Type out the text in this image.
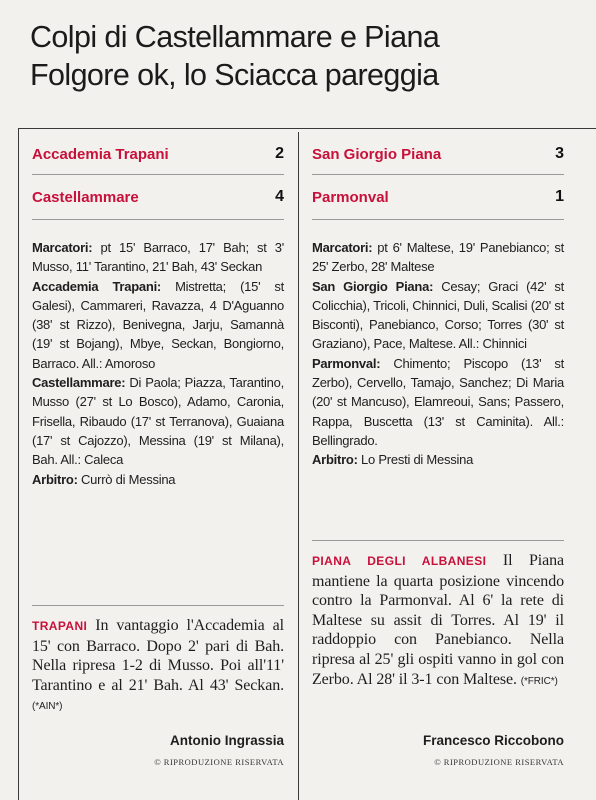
Colpi di Castellammare e Piana
Folgore ok, lo Sciacca pareggia
Accademia Trapani	2
Castellammare	4

Marcatori: pt 15' Barraco, 17' Bah; st 3' Musso, 11' Tarantino, 21' Bah, 43' Seckan

Accademia Trapani: Mistretta; (15' st Galesi), Cammareri, Ravazza, 4 D'Aguanno (38' st Rizzo), Benivegna, Jarju, Samannà (19' st Bojang), Mbye, Seckan, Bongiorno, Barraco. All.: Amoroso

Castellammare: Di Paola; Piazza, Tarantino, Musso (27' st Lo Bosco), Adamo, Caronia, Frisella, Ribaudo (17' st Terranova), Guaiana (17' st Cajozzo), Messina (19' st Milana), Bah. All.: Caleca

Arbitro: Currò di Messina

TRAPANI In vantaggio l'Accademia al 15' con Barraco. Dopo 2' pari di Bah. Nella ripresa 1-2 di Musso. Poi all'11' Tarantino e al 21' Bah. Al 43' Seckan. (*AIN*)
Antonio Ingrassia
© RIPRODUZIONE RISERVATA
San Giorgio Piana	3
Parmonval	1

Marcatori: pt 6' Maltese, 19' Panebianco; st 25' Zerbo, 28' Maltese

San Giorgio Piana: Cesay; Graci (42' st Colicchia), Tricoli, Chinnici, Duli, Scalisi (20' st Bisconti), Panebianco, Corso; Torres (30' st Graziano), Pace, Maltese. All.: Chinnici

Parmonval: Chimento; Piscopo (13' st Zerbo), Cervello, Tamajo, Sanchez; Di Maria (20' st Mancuso), Elamreoui, Sans; Passero, Rappa, Buscetta (13' st Caminita). All.: Bellingrado.

Arbitro: Lo Presti di Messina

PIANA DEGLI ALBANESI Il Piana mantiene la quarta posizione vincendo contro la Parmonval. Al 6' la rete di Maltese su assit di Torres. Al 19' il raddoppio con Panebianco. Nella ripresa al 25' gli ospiti vanno in gol con Zerbo. Al 28' il 3-1 con Maltese. (*FRIC*)
Francesco Riccobono
© RIPRODUZIONE RISERVATA
